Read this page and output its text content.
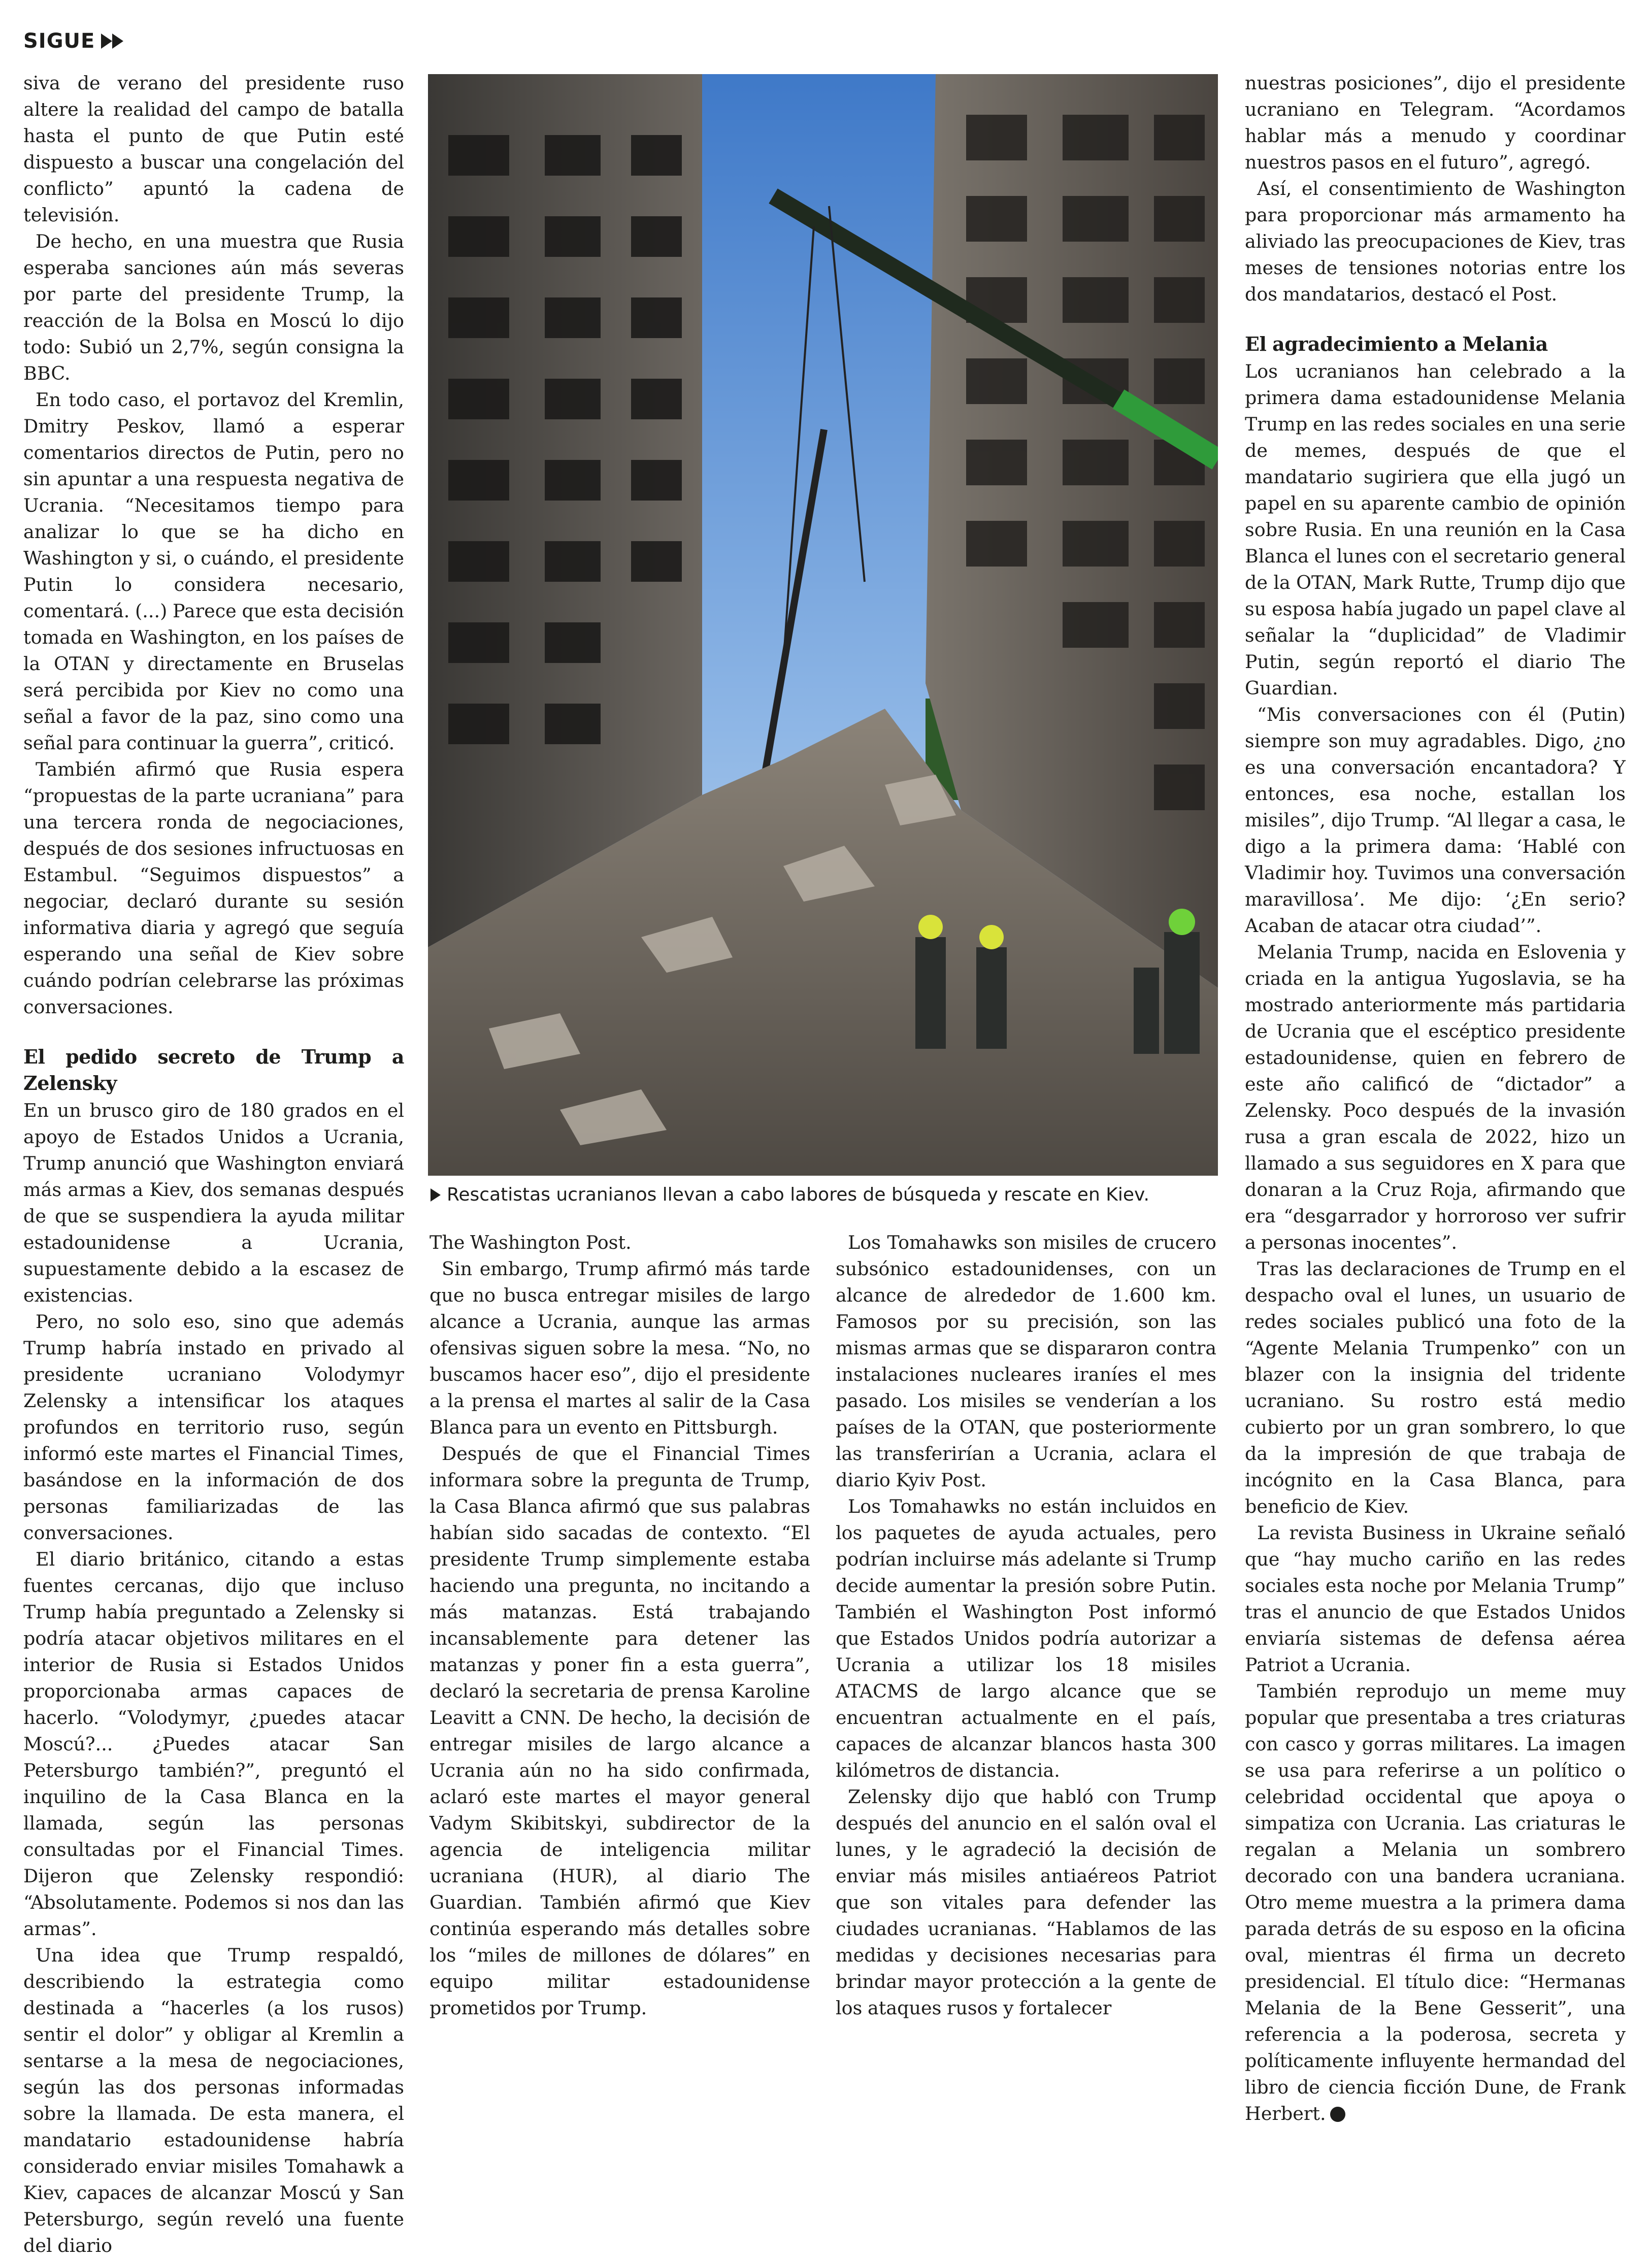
SIGUE

siva de verano del presidente ruso altere la realidad del campo de batalla hasta el punto de que Putin esté dispuesto a buscar una congelación del conflicto” apuntó la cadena de televisión.

De hecho, en una muestra que Rusia esperaba sanciones aún más severas por parte del presidente Trump, la reacción de la Bolsa en Moscú lo dijo todo: Subió un 2,7%, según consigna la BBC.

En todo caso, el portavoz del Kremlin, Dmitry Peskov, llamó a esperar comentarios directos de Putin, pero no sin apuntar a una respuesta negativa de Ucrania. “Necesitamos tiempo para analizar lo que se ha dicho en Washington y si, o cuándo, el presidente Putin lo considera necesario, comentará. (...) Parece que esta decisión tomada en Washington, en los países de la OTAN y directamente en Bruselas será percibida por Kiev no como una señal a favor de la paz, sino como una señal para continuar la guerra”, criticó.

También afirmó que Rusia espera “propuestas de la parte ucraniana” para una tercera ronda de negociaciones, después de dos sesiones infructuosas en Estambul. “Seguimos dispuestos” a negociar, declaró durante su sesión informativa diaria y agregó que seguía esperando una señal de Kiev sobre cuándo podrían celebrarse las próximas conversaciones.

El pedido secreto de Trump a Zelensky

En un brusco giro de 180 grados en el apoyo de Estados Unidos a Ucrania, Trump anunció que Washington enviará más armas a Kiev, dos semanas después de que se suspendiera la ayuda militar estadounidense a Ucrania, supuestamente debido a la escasez de existencias.

Pero, no solo eso, sino que además Trump habría instado en privado al presidente ucraniano Volodymyr Zelensky a intensificar los ataques profundos en territorio ruso, según informó este martes el Financial Times, basándose en la información de dos personas familiarizadas de las conversaciones.

El diario británico, citando a estas fuentes cercanas, dijo que incluso Trump había preguntado a Zelensky si podría atacar objetivos militares en el interior de Rusia si Estados Unidos proporcionaba armas capaces de hacerlo. “Volodymyr, ¿puedes atacar Moscú?... ¿Puedes atacar San Petersburgo también?”, preguntó el inquilino de la Casa Blanca en la llamada, según las personas consultadas por el Financial Times. Dijeron que Zelensky respondió: “Absolutamente. Podemos si nos dan las armas”.

Una idea que Trump respaldó, describiendo la estrategia como destinada a “hacerles (a los rusos) sentir el dolor” y obligar al Kremlin a sentarse a la mesa de negociaciones, según las dos personas informadas sobre la llamada. De esta manera, el mandatario estadounidense habría considerado enviar misiles Tomahawk a Kiev, capaces de alcanzar Moscú y San Petersburgo, según reveló una fuente del diario

Rescatistas ucranianos llevan a cabo labores de búsqueda y rescate en Kiev.

The Washington Post.

Sin embargo, Trump afirmó más tarde que no busca entregar misiles de largo alcance a Ucrania, aunque las armas ofensivas siguen sobre la mesa. “No, no buscamos hacer eso”, dijo el presidente a la prensa el martes al salir de la Casa Blanca para un evento en Pittsburgh.

Después de que el Financial Times informara sobre la pregunta de Trump, la Casa Blanca afirmó que sus palabras habían sido sacadas de contexto. “El presidente Trump simplemente estaba haciendo una pregunta, no incitando a más matanzas. Está trabajando incansablemente para detener las matanzas y poner fin a esta guerra”, declaró la secretaria de prensa Karoline Leavitt a CNN. De hecho, la decisión de entregar misiles de largo alcance a Ucrania aún no ha sido confirmada, aclaró este martes el mayor general Vadym Skibitskyi, subdirector de la agencia de inteligencia militar ucraniana (HUR), al diario The Guardian. También afirmó que Kiev continúa esperando más detalles sobre los “miles de millones de dólares” en equipo militar estadounidense prometidos por Trump.

Los Tomahawks son misiles de crucero subsónico estadounidenses, con un alcance de alrededor de 1.600 km. Famosos por su precisión, son las mismas armas que se dispararon contra instalaciones nucleares iraníes el mes pasado. Los misiles se venderían a los países de la OTAN, que posteriormente las transferirían a Ucrania, aclara el diario Kyiv Post.

Los Tomahawks no están incluidos en los paquetes de ayuda actuales, pero podrían incluirse más adelante si Trump decide aumentar la presión sobre Putin. También el Washington Post informó que Estados Unidos podría autorizar a Ucrania a utilizar los 18 misiles ATACMS de largo alcance que se encuentran actualmente en el país, capaces de alcanzar blancos hasta 300 kilómetros de distancia.

Zelensky dijo que habló con Trump después del anuncio en el salón oval el lunes, y le agradeció la decisión de enviar más misiles antiaéreos Patriot que son vitales para defender las ciudades ucranianas. “Hablamos de las medidas y decisiones necesarias para brindar mayor protección a la gente de los ataques rusos y fortalecer

nuestras posiciones”, dijo el presidente ucraniano en Telegram. “Acordamos hablar más a menudo y coordinar nuestros pasos en el futuro”, agregó.

Así, el consentimiento de Washington para proporcionar más armamento ha aliviado las preocupaciones de Kiev, tras meses de tensiones notorias entre los dos mandatarios, destacó el Post.

El agradecimiento a Melania

Los ucranianos han celebrado a la primera dama estadounidense Melania Trump en las redes sociales en una serie de memes, después de que el mandatario sugiriera que ella jugó un papel en su aparente cambio de opinión sobre Rusia. En una reunión en la Casa Blanca el lunes con el secretario general de la OTAN, Mark Rutte, Trump dijo que su esposa había jugado un papel clave al señalar la “duplicidad” de Vladimir Putin, según reportó el diario The Guardian.

“Mis conversaciones con él (Putin) siempre son muy agradables. Digo, ¿no es una conversación encantadora? Y entonces, esa noche, estallan los misiles”, dijo Trump. “Al llegar a casa, le digo a la primera dama: ‘Hablé con Vladimir hoy. Tuvimos una conversación maravillosa’. Me dijo: ‘¿En serio? Acaban de atacar otra ciudad’”.

Melania Trump, nacida en Eslovenia y criada en la antigua Yugoslavia, se ha mostrado anteriormente más partidaria de Ucrania que el escéptico presidente estadounidense, quien en febrero de este año calificó de “dictador” a Zelensky. Poco después de la invasión rusa a gran escala de 2022, hizo un llamado a sus seguidores en X para que donaran a la Cruz Roja, afirmando que era “desgarrador y horroroso ver sufrir a personas inocentes”.

Tras las declaraciones de Trump en el despacho oval el lunes, un usuario de redes sociales publicó una foto de la “Agente Melania Trumpenko” con un blazer con la insignia del tridente ucraniano. Su rostro está medio cubierto por un gran sombrero, lo que da la impresión de que trabaja de incógnito en la Casa Blanca, para beneficio de Kiev.

La revista Business in Ukraine señaló que “hay mucho cariño en las redes sociales esta noche por Melania Trump” tras el anuncio de que Estados Unidos enviaría sistemas de defensa aérea Patriot a Ucrania.

También reprodujo un meme muy popular que presentaba a tres criaturas con casco y gorras militares. La imagen se usa para referirse a un político o celebridad occidental que apoya o simpatiza con Ucrania. Las criaturas le regalan a Melania un sombrero decorado con una bandera ucraniana. Otro meme muestra a la primera dama parada detrás de su esposo en la oficina oval, mientras él firma un decreto presidencial. El título dice: “Hermanas Melania de la Bene Gesserit”, una referencia a la poderosa, secreta y políticamente influyente hermandad del libro de ciencia ficción Dune, de Frank Herbert.
